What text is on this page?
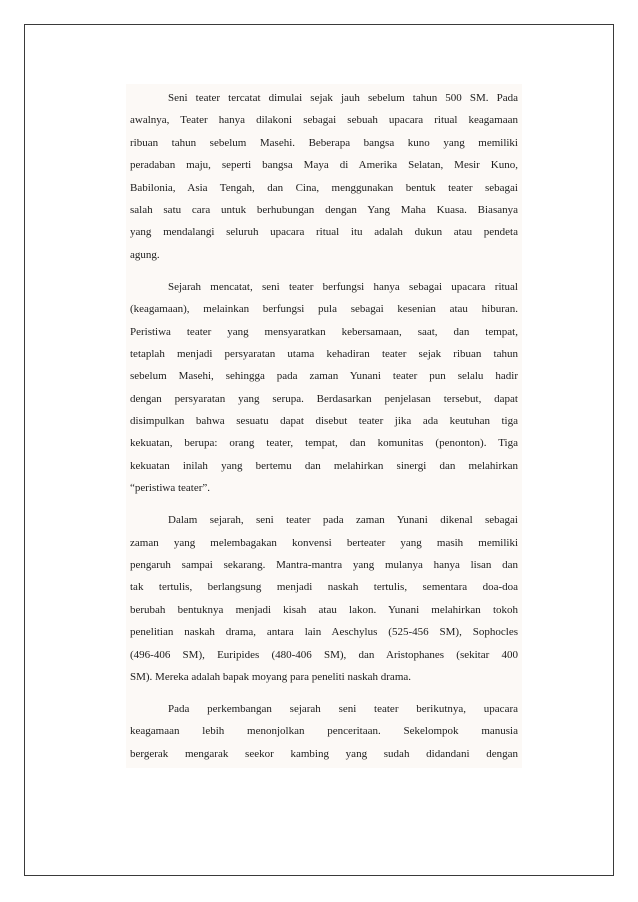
Seni teater tercatat dimulai sejak jauh sebelum tahun 500 SM. Pada
awalnya, Teater hanya dilakoni sebagai sebuah upacara ritual keagamaan
ribuan tahun sebelum Masehi. Beberapa bangsa kuno yang memiliki
peradaban maju, seperti bangsa Maya di Amerika Selatan, Mesir Kuno,
Babilonia, Asia Tengah, dan Cina, menggunakan bentuk teater sebagai
salah satu cara untuk berhubungan dengan Yang Maha Kuasa. Biasanya
yang mendalangi seluruh upacara ritual itu adalah dukun atau pendeta
agung.
Sejarah mencatat, seni teater berfungsi hanya sebagai upacara ritual
(keagamaan), melainkan berfungsi pula sebagai kesenian atau hiburan.
Peristiwa teater yang mensyaratkan kebersamaan, saat, dan tempat,
tetaplah menjadi persyaratan utama kehadiran teater sejak ribuan tahun
sebelum Masehi, sehingga pada zaman Yunani teater pun selalu hadir
dengan persyaratan yang serupa. Berdasarkan penjelasan tersebut, dapat
disimpulkan bahwa sesuatu dapat disebut teater jika ada keutuhan tiga
kekuatan, berupa: orang teater, tempat, dan komunitas (penonton). Tiga
kekuatan inilah yang bertemu dan melahirkan sinergi dan melahirkan
“peristiwa teater”.
Dalam sejarah, seni teater pada zaman Yunani dikenal sebagai
zaman yang melembagakan konvensi berteater yang masih memiliki
pengaruh sampai sekarang. Mantra-mantra yang mulanya hanya lisan dan
tak tertulis, berlangsung menjadi naskah tertulis, sementara doa-doa
berubah bentuknya menjadi kisah atau lakon. Yunani melahirkan tokoh
penelitian naskah drama, antara lain Aeschylus (525-456 SM), Sophocles
(496-406 SM), Euripides (480-406 SM), dan Aristophanes (sekitar 400
SM). Mereka adalah bapak moyang para peneliti naskah drama.
Pada perkembangan sejarah seni teater berikutnya, upacara
keagamaan lebih menonjolkan penceritaan. Sekelompok manusia
bergerak mengarak seekor kambing yang sudah didandani dengan
